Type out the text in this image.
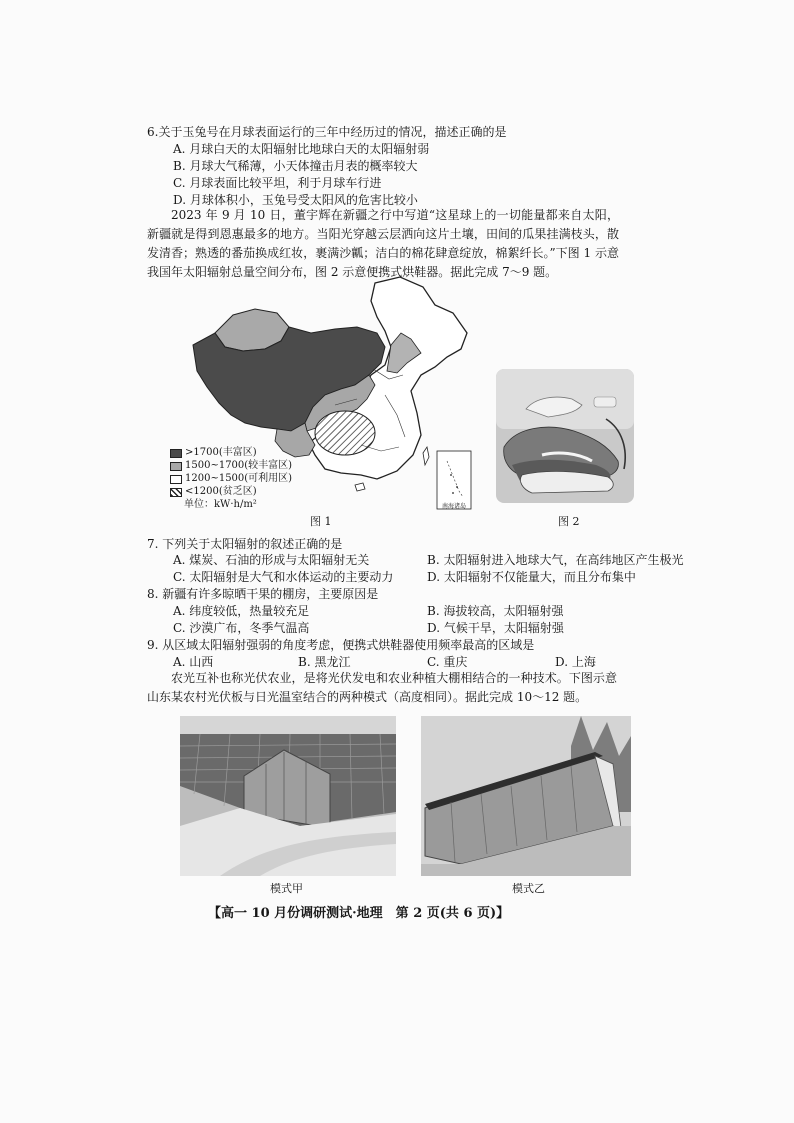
6.关于玉兔号在月球表面运行的三年中经历过的情况，描述正确的是
A. 月球白天的太阳辐射比地球白天的太阳辐射弱
B. 月球大气稀薄，小天体撞击月表的概率较大
C. 月球表面比较平坦，利于月球车行进
D. 月球体积小，玉兔号受太阳风的危害比较小
2023 年 9 月 10 日，董宇辉在新疆之行中写道“这星球上的一切能量都来自太阳，新疆就是得到恩惠最多的地方。当阳光穿越云层洒向这片土壤，田间的瓜果挂满枝头，散发清香；熟透的番茄换成红妆，裹满沙瓤；洁白的棉花肆意绽放，棉絮纤长。”下图 1 示意我国年太阳辐射总量空间分布，图 2 示意便携式烘鞋器。据此完成 7～9 题。
南海诸岛
>1700(丰富区)
1500~1700(较丰富区)
1200~1500(可利用区)
<1200(贫乏区)
单位：kW·h/m²
图 1	图 2
7. 下列关于太阳辐射的叙述正确的是
A. 煤炭、石油的形成与太阳辐射无关	B. 太阳辐射进入地球大气，在高纬地区产生极光
C. 太阳辐射是大气和水体运动的主要动力	D. 太阳辐射不仅能量大，而且分布集中
8. 新疆有许多晾晒干果的棚房，主要原因是
A. 纬度较低，热量较充足	B. 海拔较高，太阳辐射强
C. 沙漠广布，冬季气温高	D. 气候干旱，太阳辐射强
9. 从区域太阳辐射强弱的角度考虑，便携式烘鞋器使用频率最高的区域是
A. 山西	B. 黑龙江	C. 重庆	D. 上海
农光互补也称光伏农业，是将光伏发电和农业种植大棚相结合的一种技术。下图示意山东某农村光伏板与日光温室结合的两种模式（高度相同）。据此完成 10～12 题。
模式甲	模式乙
【高一 10 月份调研测试·地理　第 2 页(共 6 页)】
